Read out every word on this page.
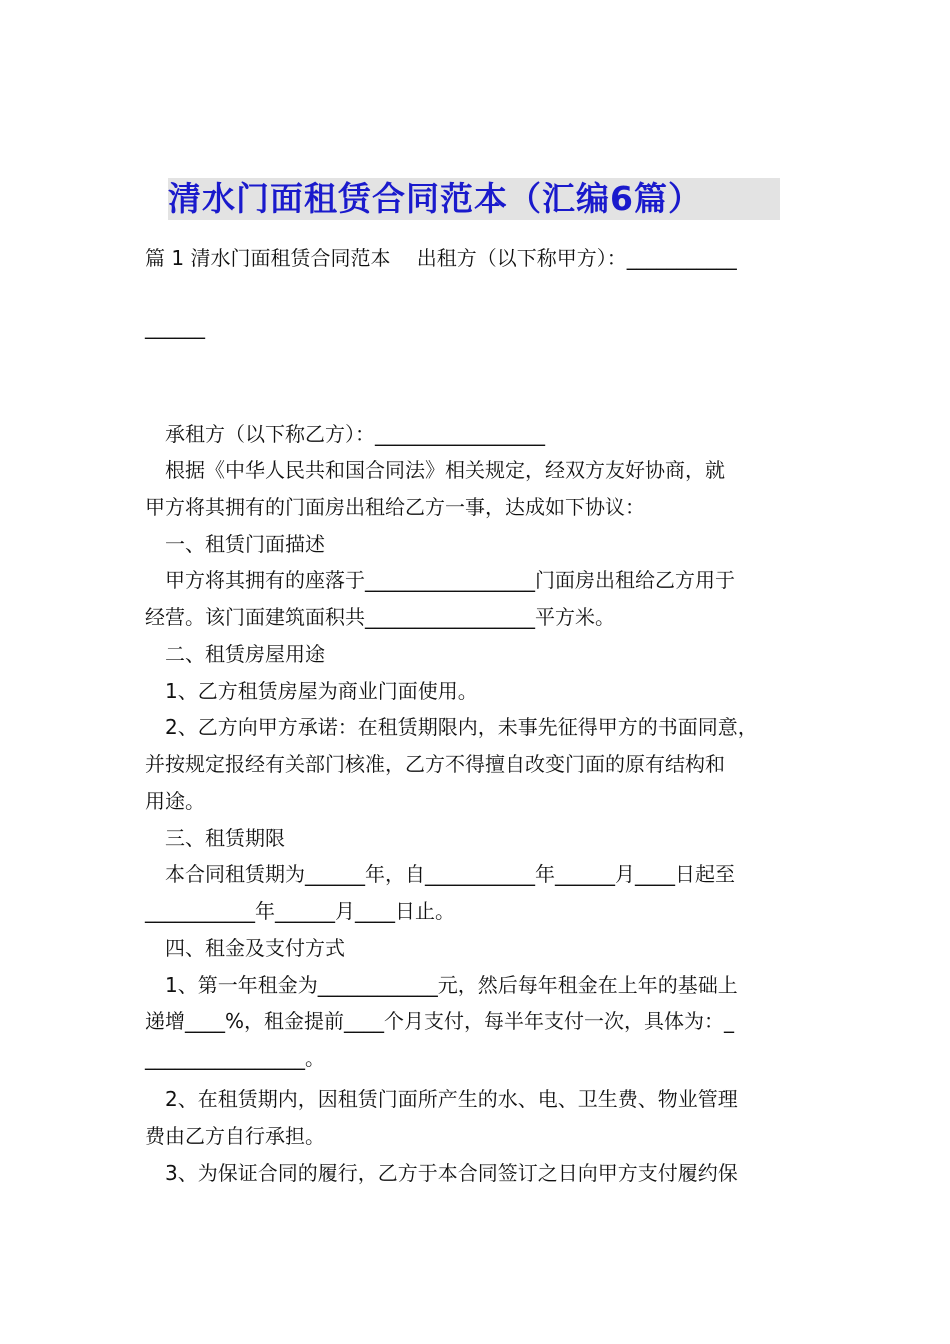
清水门面租赁合同范本（汇编6篇）
篇 1 清水门面租赁合同范本　 出租方（以下称甲方）：___________
______
承租方（以下称乙方）：_________________
根据《中华人民共和国合同法》相关规定，经双方友好协商，就
甲方将其拥有的门面房出租给乙方一事，达成如下协议：
一、租赁门面描述
甲方将其拥有的座落于_________________门面房出租给乙方用于
经营。该门面建筑面积共_________________平方米。
二、租赁房屋用途
1、乙方租赁房屋为商业门面使用。
2、乙方向甲方承诺：在租赁期限内，未事先征得甲方的书面同意，
并按规定报经有关部门核准，乙方不得擅自改变门面的原有结构和
用途。
三、租赁期限
本合同租赁期为______年，自___________年______月____日起至
___________年______月____日止。
四、租金及支付方式
1、第一年租金为____________元，然后每年租金在上年的基础上
递增____%，租金提前____个月支付，每半年支付一次，具体为：_
________________。
2、在租赁期内，因租赁门面所产生的水、电、卫生费、物业管理
费由乙方自行承担。
3、为保证合同的履行，乙方于本合同签订之日向甲方支付履约保
